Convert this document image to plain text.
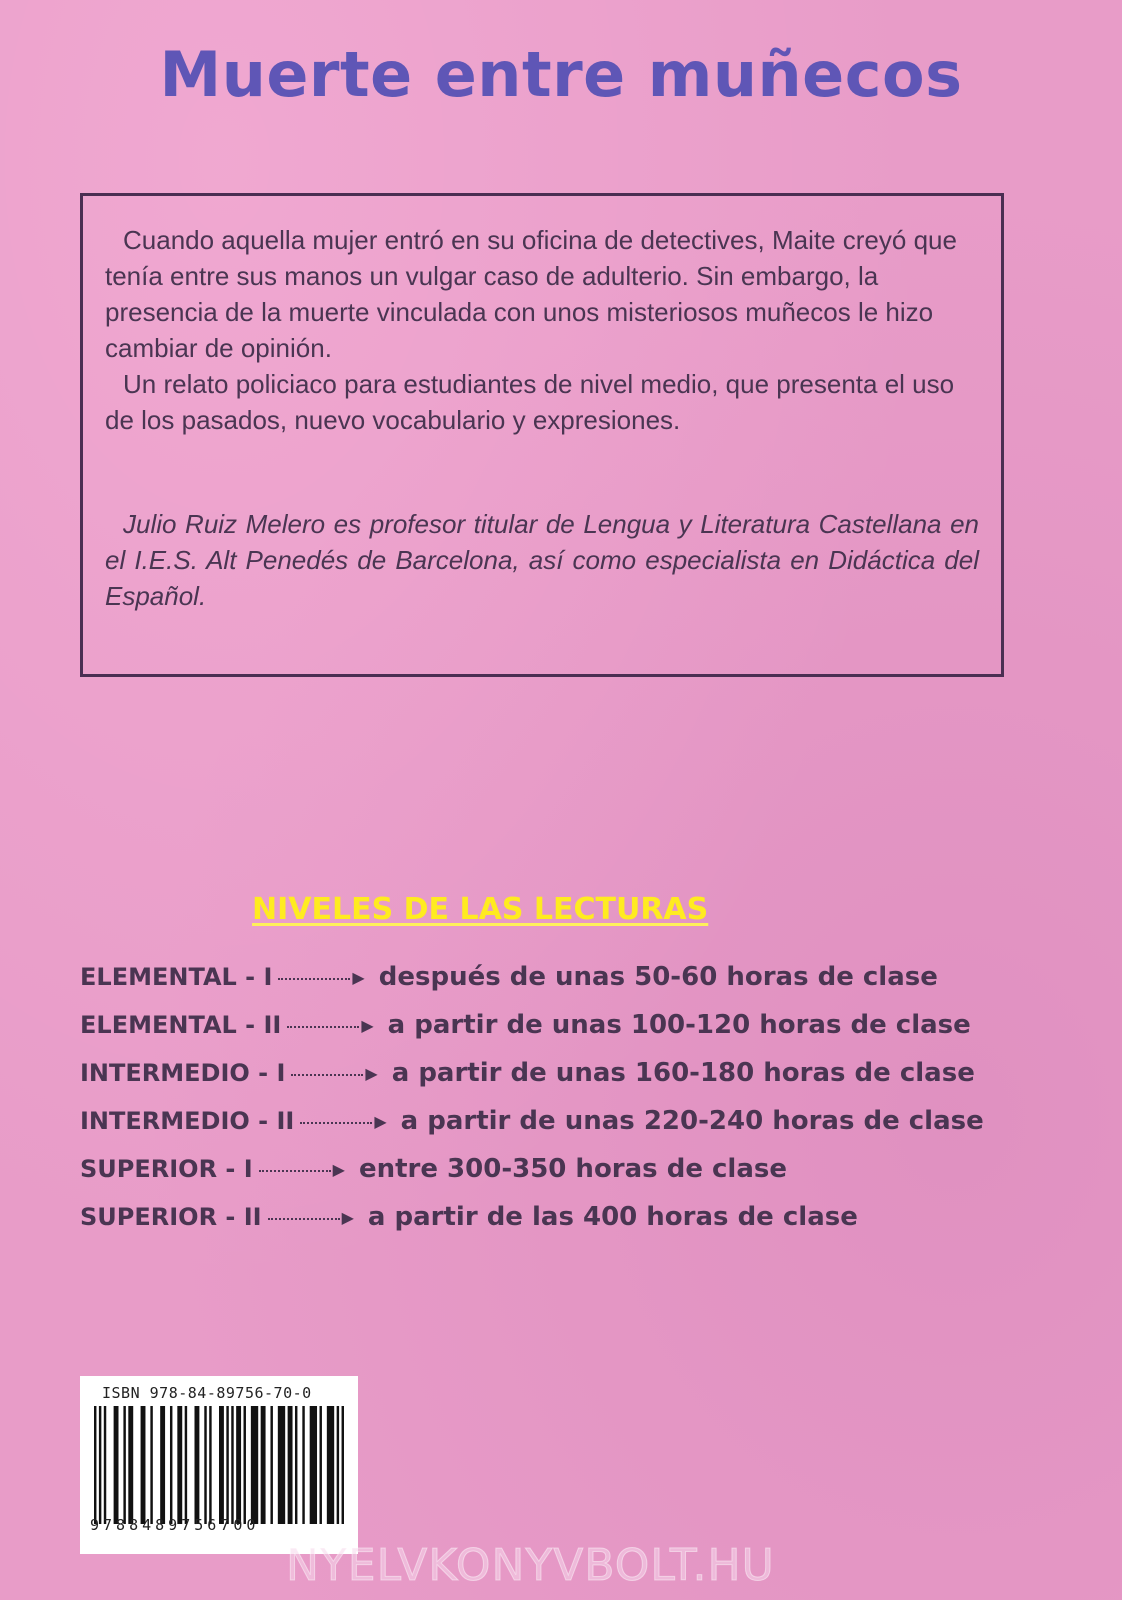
Muerte entre muñecos

Cuando aquella mujer entró en su oficina de detectives, Maite creyó que tenía entre sus manos un vulgar caso de adulterio. Sin embargo, la presencia de la muerte vinculada con unos misteriosos muñecos le hizo cambiar de opinión.

Un relato policiaco para estudiantes de nivel medio, que presenta el uso de los pasados, nuevo vocabulario y expresiones.

Julio Ruiz Melero es profesor titular de Lengua y Literatura Castellana en el I.E.S. Alt Penedés de Barcelona, así como especialista en Didáctica del Español.

NIVELES DE LAS LECTURAS
ELEMENTAL - I	▶ después de unas 50-60 horas de clase
ELEMENTAL - II	▶ a partir de unas 100-120 horas de clase
INTERMEDIO - I	▶ a partir de unas 160-180 horas de clase
INTERMEDIO - II	▶ a partir de unas 220-240 horas de clase
SUPERIOR - I	▶ entre 300-350 horas de clase
SUPERIOR - II	▶ a partir de las 400 horas de clase

ISBN 978-84-89756-70-0

9788489756700

NYELVKONYVBOLT.HU
